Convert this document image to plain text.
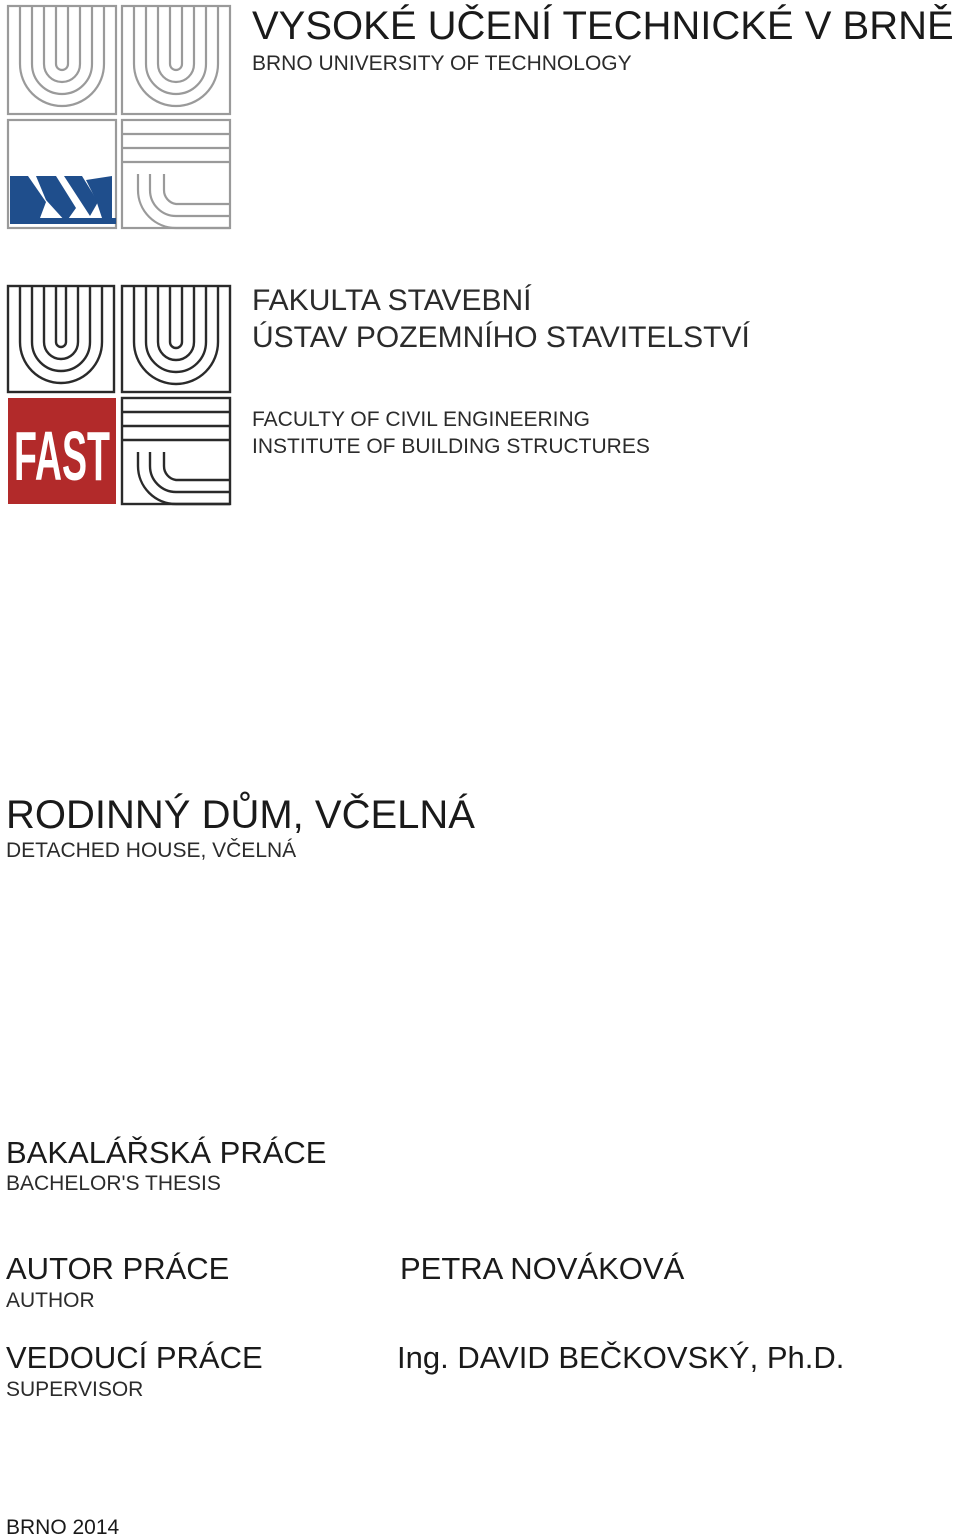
VYSOKÉ UČENÍ TECHNICKÉ V BRNĚ
BRNO UNIVERSITY OF TECHNOLOGY
FAST
FAKULTA STAVEBNÍ
ÚSTAV POZEMNÍHO STAVITELSTVÍ
FACULTY OF CIVIL ENGINEERING
INSTITUTE OF BUILDING STRUCTURES
RODINNÝ DŮM, VČELNÁ
DETACHED HOUSE, VČELNÁ
BAKALÁŘSKÁ PRÁCE
BACHELOR'S THESIS
AUTOR PRÁCE
AUTHOR
PETRA NOVÁKOVÁ
VEDOUCÍ PRÁCE
SUPERVISOR
Ing. DAVID BEČKOVSKÝ, Ph.D.
BRNO 2014
